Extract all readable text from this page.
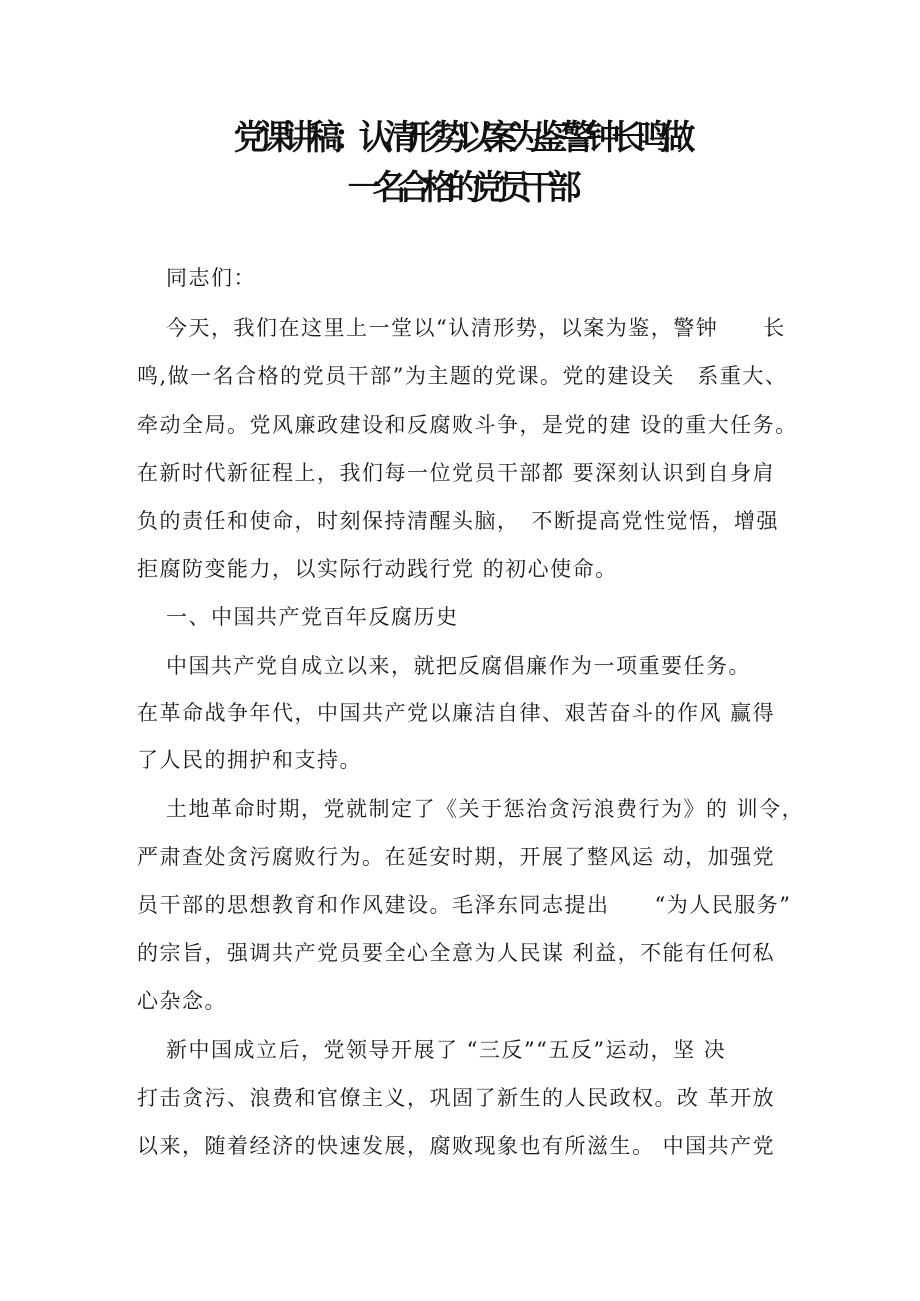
党课讲稿：认清形势以案为鉴 警钟长鸣做
一名合格的党员干部

同志们：

今天，我们在这里上一堂以“认清形势，以案为鉴，警钟　　长

鸣,做一名合格的党员干部”为主题的党课。党的建设关　系重大、

牵动全局。党风廉政建设和反腐败斗争，是党的建 设的重大任务。

在新时代新征程上，我们每一位党员干部都 要深刻认识到自身肩

负的责任和使命，时刻保持清醒头脑，　不断提高党性觉悟，增强

拒腐防变能力，以实际行动践行党 的初心使命。

一、中国共产党百年反腐历史

中国共产党自成立以来，就把反腐倡廉作为一项重要任务。

在革命战争年代，中国共产党以廉洁自律、艰苦奋斗的作风 赢得

了人民的拥护和支持。

土地革命时期，党就制定了《关于惩治贪污浪费行为》的 训令，

严肃查处贪污腐败行为。在延安时期，开展了整风运 动，加强党

员干部的思想教育和作风建设。毛泽东同志提出　　“为人民服务”

的宗旨，强调共产党员要全心全意为人民谋 利益，不能有任何私

心杂念。

新中国成立后，党领导开展了 “三反”“五反”运动，坚 决

打击贪污、浪费和官僚主义，巩固了新生的人民政权。改 革开放

以来，随着经济的快速发展，腐败现象也有所滋生。 中国共产党
